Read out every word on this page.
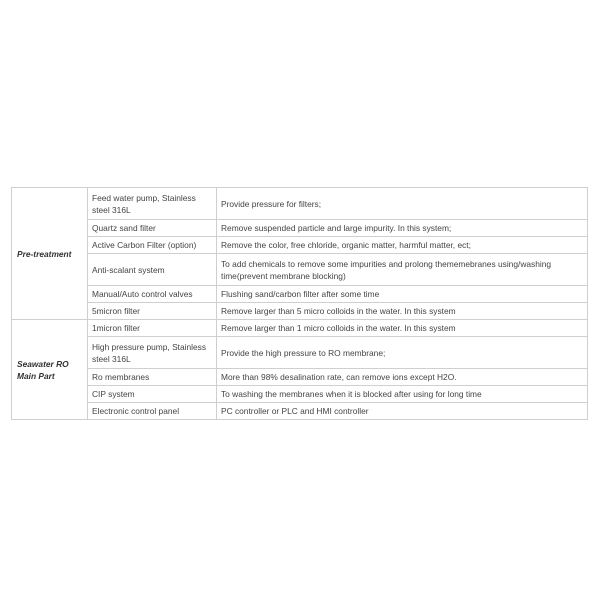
Pre-treatment	Feed water pump, Stainless steel 316L	Provide pressure for filters;
	Quartz sand filter	Remove suspended particle and large impurity. In this system;
	Active Carbon Filter (option)	Remove the color, free chloride, organic matter, harmful matter, ect;
	Anti-scalant system	To add chemicals to remove some impurities and prolong thememebranes using/washing time(prevent membrane blocking)
	Manual/Auto control valves	Flushing sand/carbon filter after some time
	5micron filter	Remove larger than 5 micro colloids in the water. In this system
Seawater RO Main Part	1micron filter	Remove larger than 1 micro colloids in the water. In this system
	High pressure pump, Stainless steel 316L	Provide the high pressure to RO membrane;
	Ro membranes	More than 98% desalination rate, can remove ions except H2O.
	CIP system	To washing the membranes when it is blocked after using for long time
	Electronic control panel	PC controller or PLC and HMI controller
